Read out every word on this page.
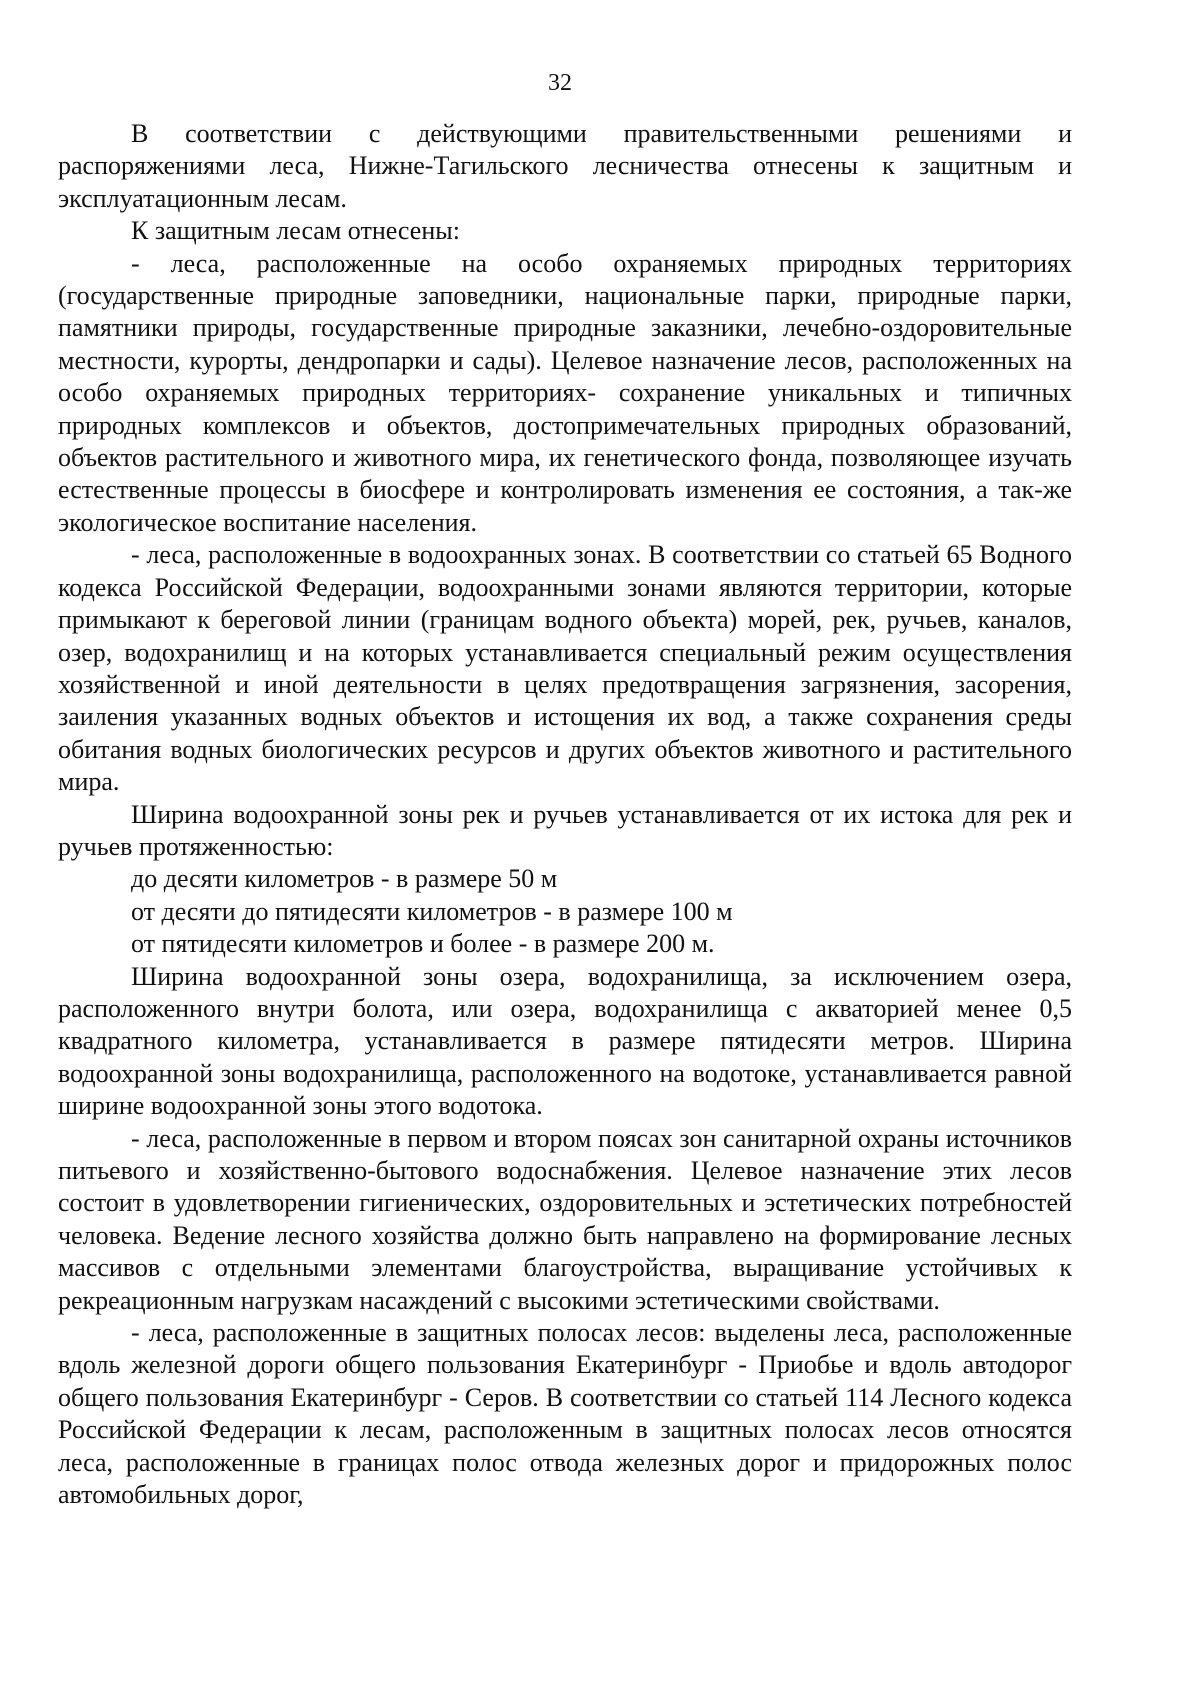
32

В соответствии с действующими правительственными решениями и распоряжениями леса, Нижне-Тагильского лесничества отнесены к защитным и эксплуатационным лесам.

К защитным лесам отнесены:

- леса, расположенные на особо охраняемых природных территориях (государственные природные заповедники, национальные парки, природные парки, памятники природы, государственные природные заказники, лечебно-оздоровительные местности, курорты, дендропарки и сады). Целевое назначение лесов, расположенных на особо охраняемых природных территориях- сохранение уникальных и типичных природных комплексов и объектов, достопримечательных природных образований, объектов растительного и животного мира, их генетического фонда, позволяющее изучать естественные процессы в биосфере и контролировать изменения ее состояния, а так-же экологическое воспитание населения.

- леса, расположенные в водоохранных зонах. В соответствии со статьей 65 Водного кодекса Российской Федерации, водоохранными зонами являются территории, которые примыкают к береговой линии (границам водного объекта) морей, рек, ручьев, каналов, озер, водохранилищ и на которых устанавливается специальный режим осуществления хозяйственной и иной деятельности в целях предотвращения загрязнения, засорения, заиления указанных водных объектов и истощения их вод, а также сохранения среды обитания водных биологических ресурсов и других объектов животного и растительного мира.

Ширина водоохранной зоны рек и ручьев устанавливается от их истока для рек и ручьев протяженностью:

до десяти километров - в размере 50 м

от десяти до пятидесяти километров - в размере 100 м

от пятидесяти километров и более - в размере 200 м.

Ширина водоохранной зоны озера, водохранилища, за исключением озера, расположенного внутри болота, или озера, водохранилища с акваторией менее 0,5 квадратного километра, устанавливается в размере пятидесяти метров. Ширина водоохранной зоны водохранилища, расположенного на водотоке, устанавливается равной ширине водоохранной зоны этого водотока.

- леса, расположенные в первом и втором поясах зон санитарной охраны источников питьевого и хозяйственно-бытового водоснабжения. Целевое назначение этих лесов состоит в удовлетворении гигиенических, оздоровительных и эстетических потребностей человека. Ведение лесного хозяйства должно быть направлено на формирование лесных массивов с отдельными элементами благоустройства, выращивание устойчивых к рекреационным нагрузкам насаждений с высокими эстетическими свойствами.

- леса, расположенные в защитных полосах лесов: выделены леса, расположенные вдоль железной дороги общего пользования Екатеринбург - Приобье и вдоль автодорог общего пользования Екатеринбург - Серов. В соответствии со статьей 114 Лесного кодекса Российской Федерации к лесам, расположенным в защитных полосах лесов относятся леса, расположенные в границах полос отвода железных дорог и придорожных полос автомобильных дорог,
